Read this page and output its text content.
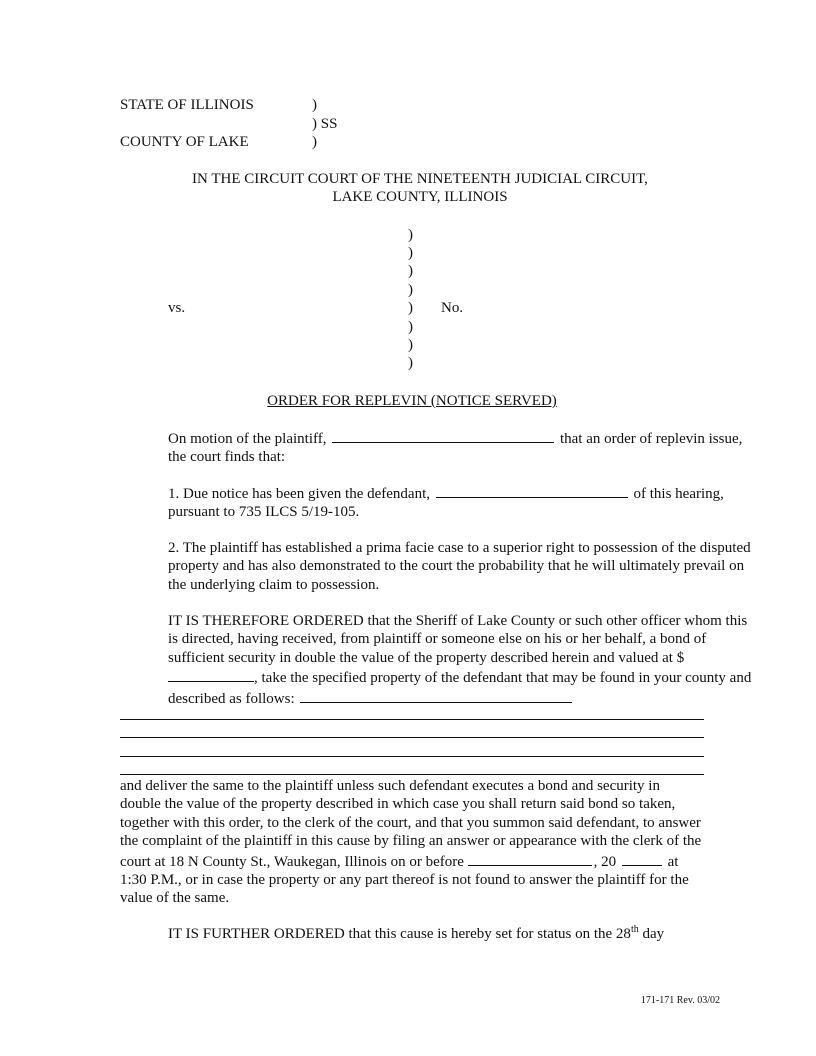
STATE OF ILLINOIS	)
) SS
COUNTY OF LAKE	)
IN THE CIRCUIT COURT OF THE NINETEENTH JUDICIAL CIRCUIT,
LAKE COUNTY, ILLINOIS
)
)
)
)
)
)
)
)
vs.	No.
ORDER FOR REPLEVIN (NOTICE SERVED)
On motion of the plaintiff,	that an order of replevin issue, the court finds that:
1. Due notice has been given the defendant,	of this hearing, pursuant to 735 ILCS 5/19-105.
2. The plaintiff has established a prima facie case to a superior right to possession of the disputed property and has also demonstrated to the court the probability that he will ultimately prevail on the underlying claim to possession.
IT IS THEREFORE ORDERED that the Sheriff of Lake County or such other officer whom this is directed, having received, from plaintiff or someone else on his or her behalf, a bond of sufficient security in double the value of the property described herein and valued at $, take the specified property of the defendant that may be found in your county and described as follows:
and deliver the same to the plaintiff unless such defendant executes a bond and security in double the value of the property described in which case you shall return said bond so taken, together with this order, to the clerk of the court, and that you summon said defendant, to answer the complaint of the plaintiff in this cause by filing an answer or appearance with the clerk of the court at 18 N County St., Waukegan, Illinois on or before	, 20	at 1:30 P.M., or in case the property or any part thereof is not found to answer the plaintiff for the value of the same.
IT IS FURTHER ORDERED that this cause is hereby set for status on the 28th day
171-171 Rev. 03/02
